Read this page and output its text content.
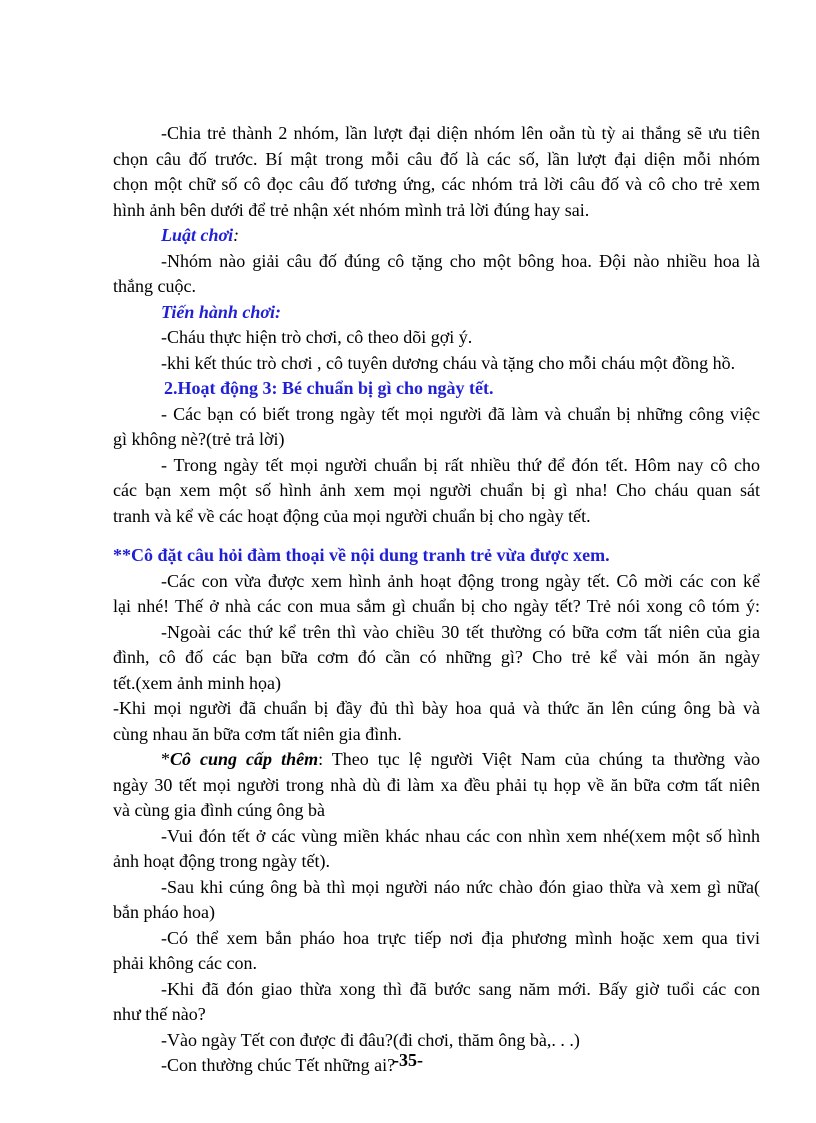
-Chia trẻ thành 2 nhóm, lần lượt đại diện nhóm lên oẳn tù tỳ ai thắng sẽ ưu tiên
chọn câu đố trước. Bí mật trong mỗi câu đố là các số, lần lượt đại diện mỗi nhóm
chọn một chữ số cô đọc câu đố tương ứng, các nhóm trả lời câu đố và cô cho trẻ xem
hình ảnh bên dưới để trẻ nhận xét nhóm mình trả lời đúng hay sai.
Luật chơi:
-Nhóm nào giải câu đố đúng cô tặng cho một bông hoa. Đội nào nhiều hoa là
thắng cuộc.
Tiến hành chơi:
-Cháu thực hiện trò chơi, cô theo dõi gợi ý.
-khi kết thúc trò chơi , cô tuyên dương cháu và tặng cho mỗi cháu một đồng hồ.
2.Hoạt động 3: Bé chuẩn bị gì cho ngày tết.
- Các bạn có biết trong ngày tết mọi người đã làm và chuẩn bị những công việc
gì không nè?(trẻ trả lời)
- Trong ngày tết mọi người chuẩn bị rất nhiều thứ để đón tết. Hôm nay cô cho
các bạn xem một số hình ảnh xem mọi người chuẩn bị gì nha! Cho cháu quan sát
tranh và kể về các hoạt động của mọi người chuẩn bị cho ngày tết.
**Cô đặt câu hỏi đàm thoại về nội dung tranh trẻ vừa được xem.
-Các con vừa được xem hình ảnh hoạt động trong ngày tết. Cô mời các con kể
lại nhé! Thế ở nhà các con mua sắm gì chuẩn bị cho ngày tết? Trẻ nói xong cô tóm ý:
-Ngoài các thứ kể trên thì vào chiều 30 tết thường có bữa cơm tất niên của gia
đình, cô đố các bạn bữa cơm đó cần có những gì? Cho trẻ kể vài món ăn ngày
tết.(xem ảnh minh họa)
-Khi mọi người đã chuẩn bị đầy đủ thì bày hoa quả và thức ăn lên cúng ông bà và
cùng nhau ăn bữa cơm tất niên gia đình.
*Cô cung cấp thêm: Theo tục lệ người Việt Nam của chúng ta thường vào
ngày 30 tết mọi người trong nhà dù đi làm xa đều phải tụ họp về ăn bữa cơm tất niên
và cùng gia đình cúng ông bà
-Vui đón tết ở các vùng miền khác nhau các con nhìn xem nhé(xem một số hình
ảnh hoạt động trong ngày tết).
-Sau khi cúng ông bà thì mọi người náo nức chào đón giao thừa và xem gì nữa(
bắn pháo hoa)
-Có thể xem bắn pháo hoa trực tiếp nơi địa phương mình hoặc xem qua tivi
phải không các con.
-Khi đã đón giao thừa xong thì đã bước sang năm mới. Bấy giờ tuổi các con
như thế nào?
-Vào ngày Tết con được đi đâu?(đi chơi, thăm ông bà,. . .)
-Con thường chúc Tết những ai?
-35-
